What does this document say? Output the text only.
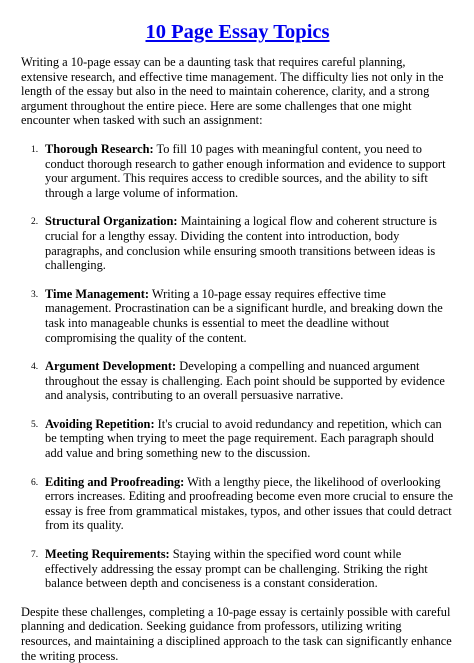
10 Page Essay Topics

Writing a 10-page essay can be a daunting task that requires careful planning, extensive research, and effective time management. The difficulty lies not only in the length of the essay but also in the need to maintain coherence, clarity, and a strong argument throughout the entire piece. Here are some challenges that one might encounter when tasked with such an assignment:

1. Thorough Research: To fill 10 pages with meaningful content, you need to conduct thorough research to gather enough information and evidence to support your argument. This requires access to credible sources, and the ability to sift through a large volume of information.
2. Structural Organization: Maintaining a logical flow and coherent structure is crucial for a lengthy essay. Dividing the content into introduction, body paragraphs, and conclusion while ensuring smooth transitions between ideas is challenging.
3. Time Management: Writing a 10-page essay requires effective time management. Procrastination can be a significant hurdle, and breaking down the task into manageable chunks is essential to meet the deadline without compromising the quality of the content.
4. Argument Development: Developing a compelling and nuanced argument throughout the essay is challenging. Each point should be supported by evidence and analysis, contributing to an overall persuasive narrative.
5. Avoiding Repetition: It's crucial to avoid redundancy and repetition, which can be tempting when trying to meet the page requirement. Each paragraph should add value and bring something new to the discussion.
6. Editing and Proofreading: With a lengthy piece, the likelihood of overlooking errors increases. Editing and proofreading become even more crucial to ensure the essay is free from grammatical mistakes, typos, and other issues that could detract from its quality.
7. Meeting Requirements: Staying within the specified word count while effectively addressing the essay prompt can be challenging. Striking the right balance between depth and conciseness is a constant consideration.

Despite these challenges, completing a 10-page essay is certainly possible with careful planning and dedication. Seeking guidance from professors, utilizing writing resources, and maintaining a disciplined approach to the task can significantly enhance the writing process.
